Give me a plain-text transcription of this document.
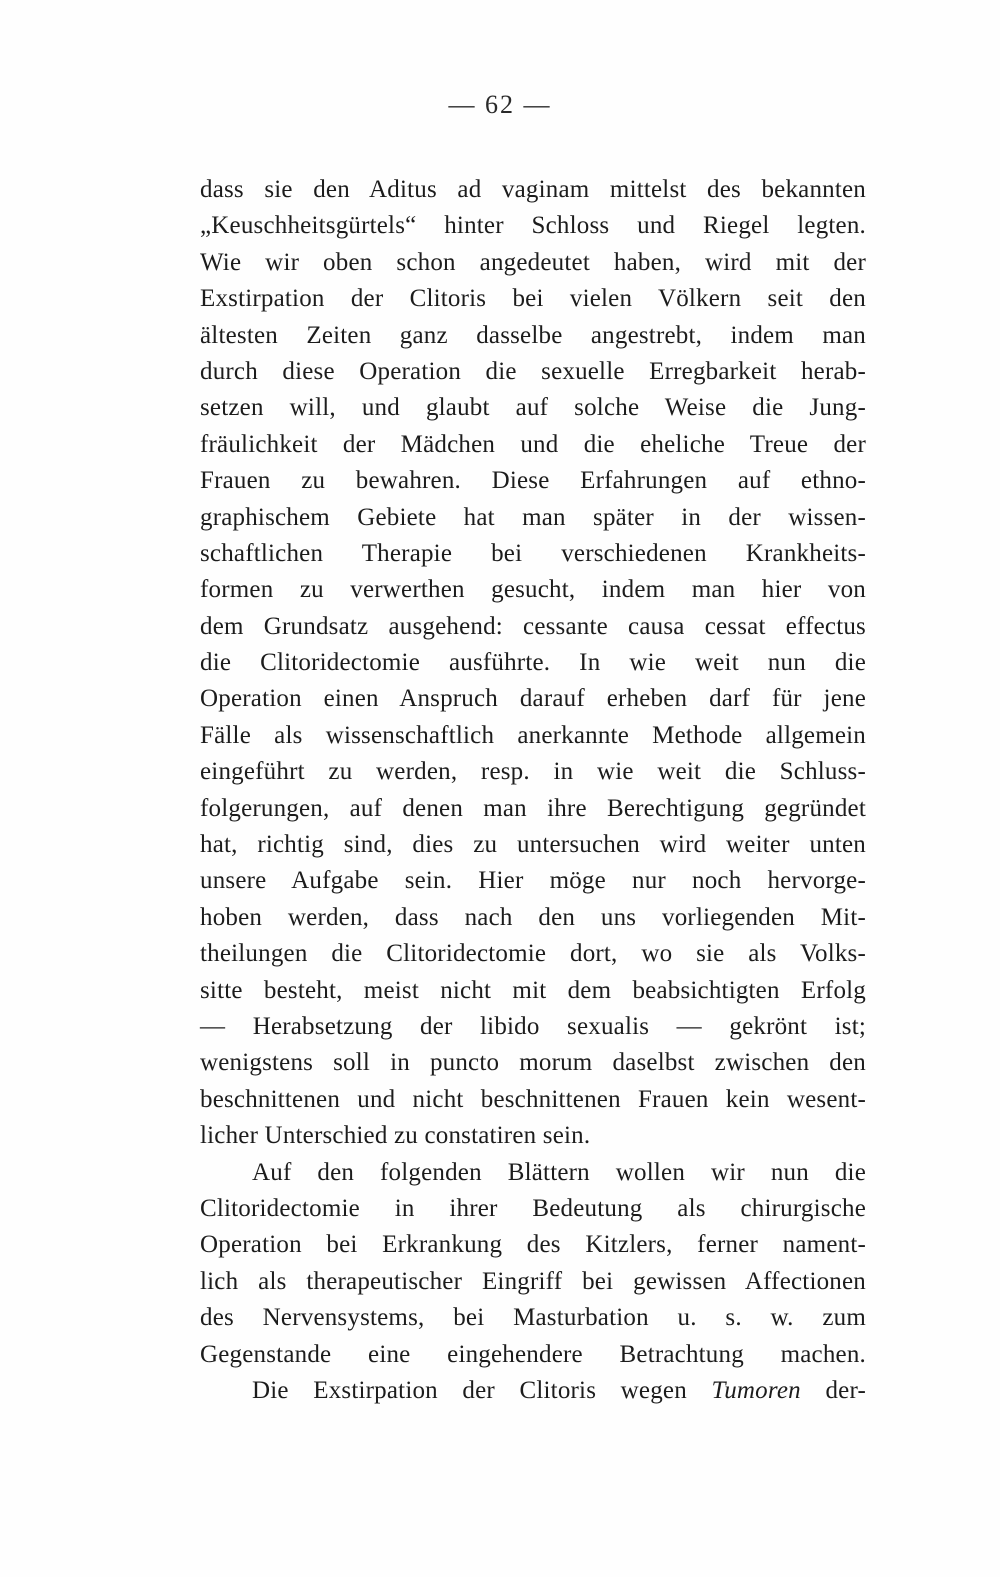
— 62 —
dass sie den Aditus ad vaginam mittelst des bekannten
„Keuschheitsgürtels“ hinter Schloss und Riegel legten.
Wie wir oben schon angedeutet haben, wird mit der
Exstirpation der Clitoris bei vielen Völkern seit den
ältesten Zeiten ganz dasselbe angestrebt, indem man
durch diese Operation die sexuelle Erregbarkeit herab-
setzen will, und glaubt auf solche Weise die Jung-
fräulichkeit der Mädchen und die eheliche Treue der
Frauen zu bewahren. Diese Erfahrungen auf ethno-
graphischem Gebiete hat man später in der wissen-
schaftlichen Therapie bei verschiedenen Krankheits-
formen zu verwerthen gesucht, indem man hier von
dem Grundsatz ausgehend: cessante causa cessat effectus
die Clitoridectomie ausführte. In wie weit nun die
Operation einen Anspruch darauf erheben darf für jene
Fälle als wissenschaftlich anerkannte Methode allgemein
eingeführt zu werden, resp. in wie weit die Schluss-
folgerungen, auf denen man ihre Berechtigung gegründet
hat, richtig sind, dies zu untersuchen wird weiter unten
unsere Aufgabe sein. Hier möge nur noch hervorge-
hoben werden, dass nach den uns vorliegenden Mit-
theilungen die Clitoridectomie dort, wo sie als Volks-
sitte besteht, meist nicht mit dem beabsichtigten Erfolg
— Herabsetzung der libido sexualis — gekrönt ist;
wenigstens soll in puncto morum daselbst zwischen den
beschnittenen und nicht beschnittenen Frauen kein wesent-
licher Unterschied zu constatiren sein.
Auf den folgenden Blättern wollen wir nun die
Clitoridectomie in ihrer Bedeutung als chirurgische
Operation bei Erkrankung des Kitzlers, ferner nament-
lich als therapeutischer Eingriff bei gewissen Affectionen
des Nervensystems, bei Masturbation u. s. w. zum
Gegenstande eine eingehendere Betrachtung machen.
Die Exstirpation der Clitoris wegen Tumoren der-
